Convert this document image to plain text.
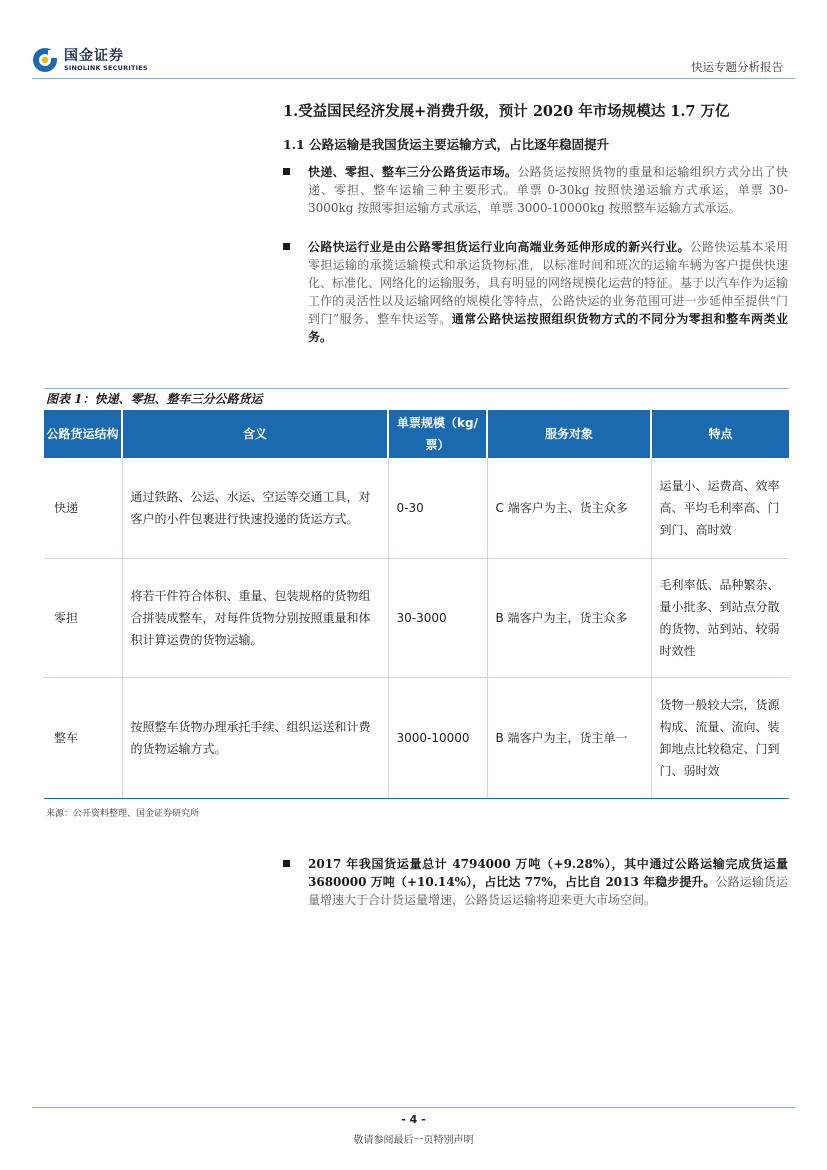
国金证券
SINOLINK SECURITIES	快运专题分析报告
1.受益国民经济发展+消费升级，预计 2020 年市场规模达 1.7 万亿
1.1 公路运输是我国货运主要运输方式，占比逐年稳固提升
快递、零担、整车三分公路货运市场。公路货运按照货物的重量和运输组织方式分出了快递、零担、整车运输三种主要形式。单票 0-30kg 按照快递运输方式承运，单票 30-3000kg 按照零担运输方式承运，单票 3000-10000kg 按照整车运输方式承运。
公路快运行业是由公路零担货运行业向高端业务延伸形成的新兴行业。公路快运基本采用零担运输的承揽运输模式和承运货物标准，以标准时间和班次的运输车辆为客户提供快速化、标准化、网络化的运输服务，具有明显的网络规模化运营的特征。基于以汽车作为运输工作的灵活性以及运输网络的规模化等特点，公路快运的业务范围可进一步延伸至提供“门到门”服务、整车快运等。通常公路快运按照组织货物方式的不同分为零担和整车两类业务。
图表 1：快递、零担、整车三分公路货运
公路货运结构	含义	单票规模（kg/票）	服务对象	特点
快递	通过铁路、公运、水运、空运等交通工具，对客户的小件包裹进行快速投递的货运方式。	0-30	C 端客户为主、货主众多	运量小、运费高、效率高、平均毛利率高、门到门、高时效
零担	将若干件符合体积、重量、包装规格的货物组合拼装成整车，对每件货物分别按照重量和体积计算运费的货物运输。	30-3000	B 端客户为主，货主众多	毛利率低、品种繁杂、量小批多、到站点分散的货物、站到站、较弱时效性
整车	按照整车货物办理承托手续、组织运送和计费的货物运输方式。	3000-10000	B 端客户为主，货主单一	货物一般较大宗，货源构成、流量、流向、装卸地点比较稳定、门到门、弱时效
来源：公开资料整理、国金证券研究所
2017 年我国货运量总计 4794000 万吨（+9.28%），其中通过公路运输完成货运量 3680000 万吨（+10.14%），占比达 77%，占比自 2013 年稳步提升。公路运输货运量增速大于合计货运量增速，公路货运运输将迎来更大市场空间。
- 4 -
敬请参阅最后一页特别声明
